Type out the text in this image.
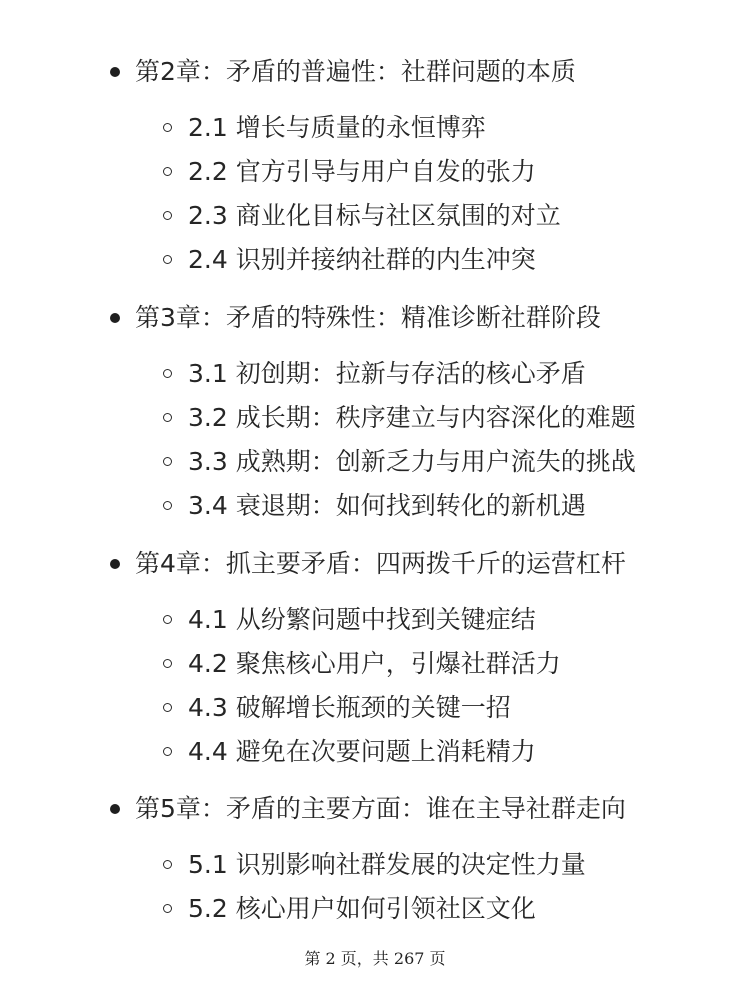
第2章：矛盾的普遍性：社群问题的本质
2.1 增长与质量的永恒博弈
2.2 官方引导与用户自发的张力
2.3 商业化目标与社区氛围的对立
2.4 识别并接纳社群的内生冲突
第3章：矛盾的特殊性：精准诊断社群阶段
3.1 初创期：拉新与存活的核心矛盾
3.2 成长期：秩序建立与内容深化的难题
3.3 成熟期：创新乏力与用户流失的挑战
3.4 衰退期：如何找到转化的新机遇
第4章：抓主要矛盾：四两拨千斤的运营杠杆
4.1 从纷繁问题中找到关键症结
4.2 聚焦核心用户，引爆社群活力
4.3 破解增长瓶颈的关键一招
4.4 避免在次要问题上消耗精力
第5章：矛盾的主要方面：谁在主导社群走向
5.1 识别影响社群发展的决定性力量
5.2 核心用户如何引领社区文化
第 2 页，共 267 页
